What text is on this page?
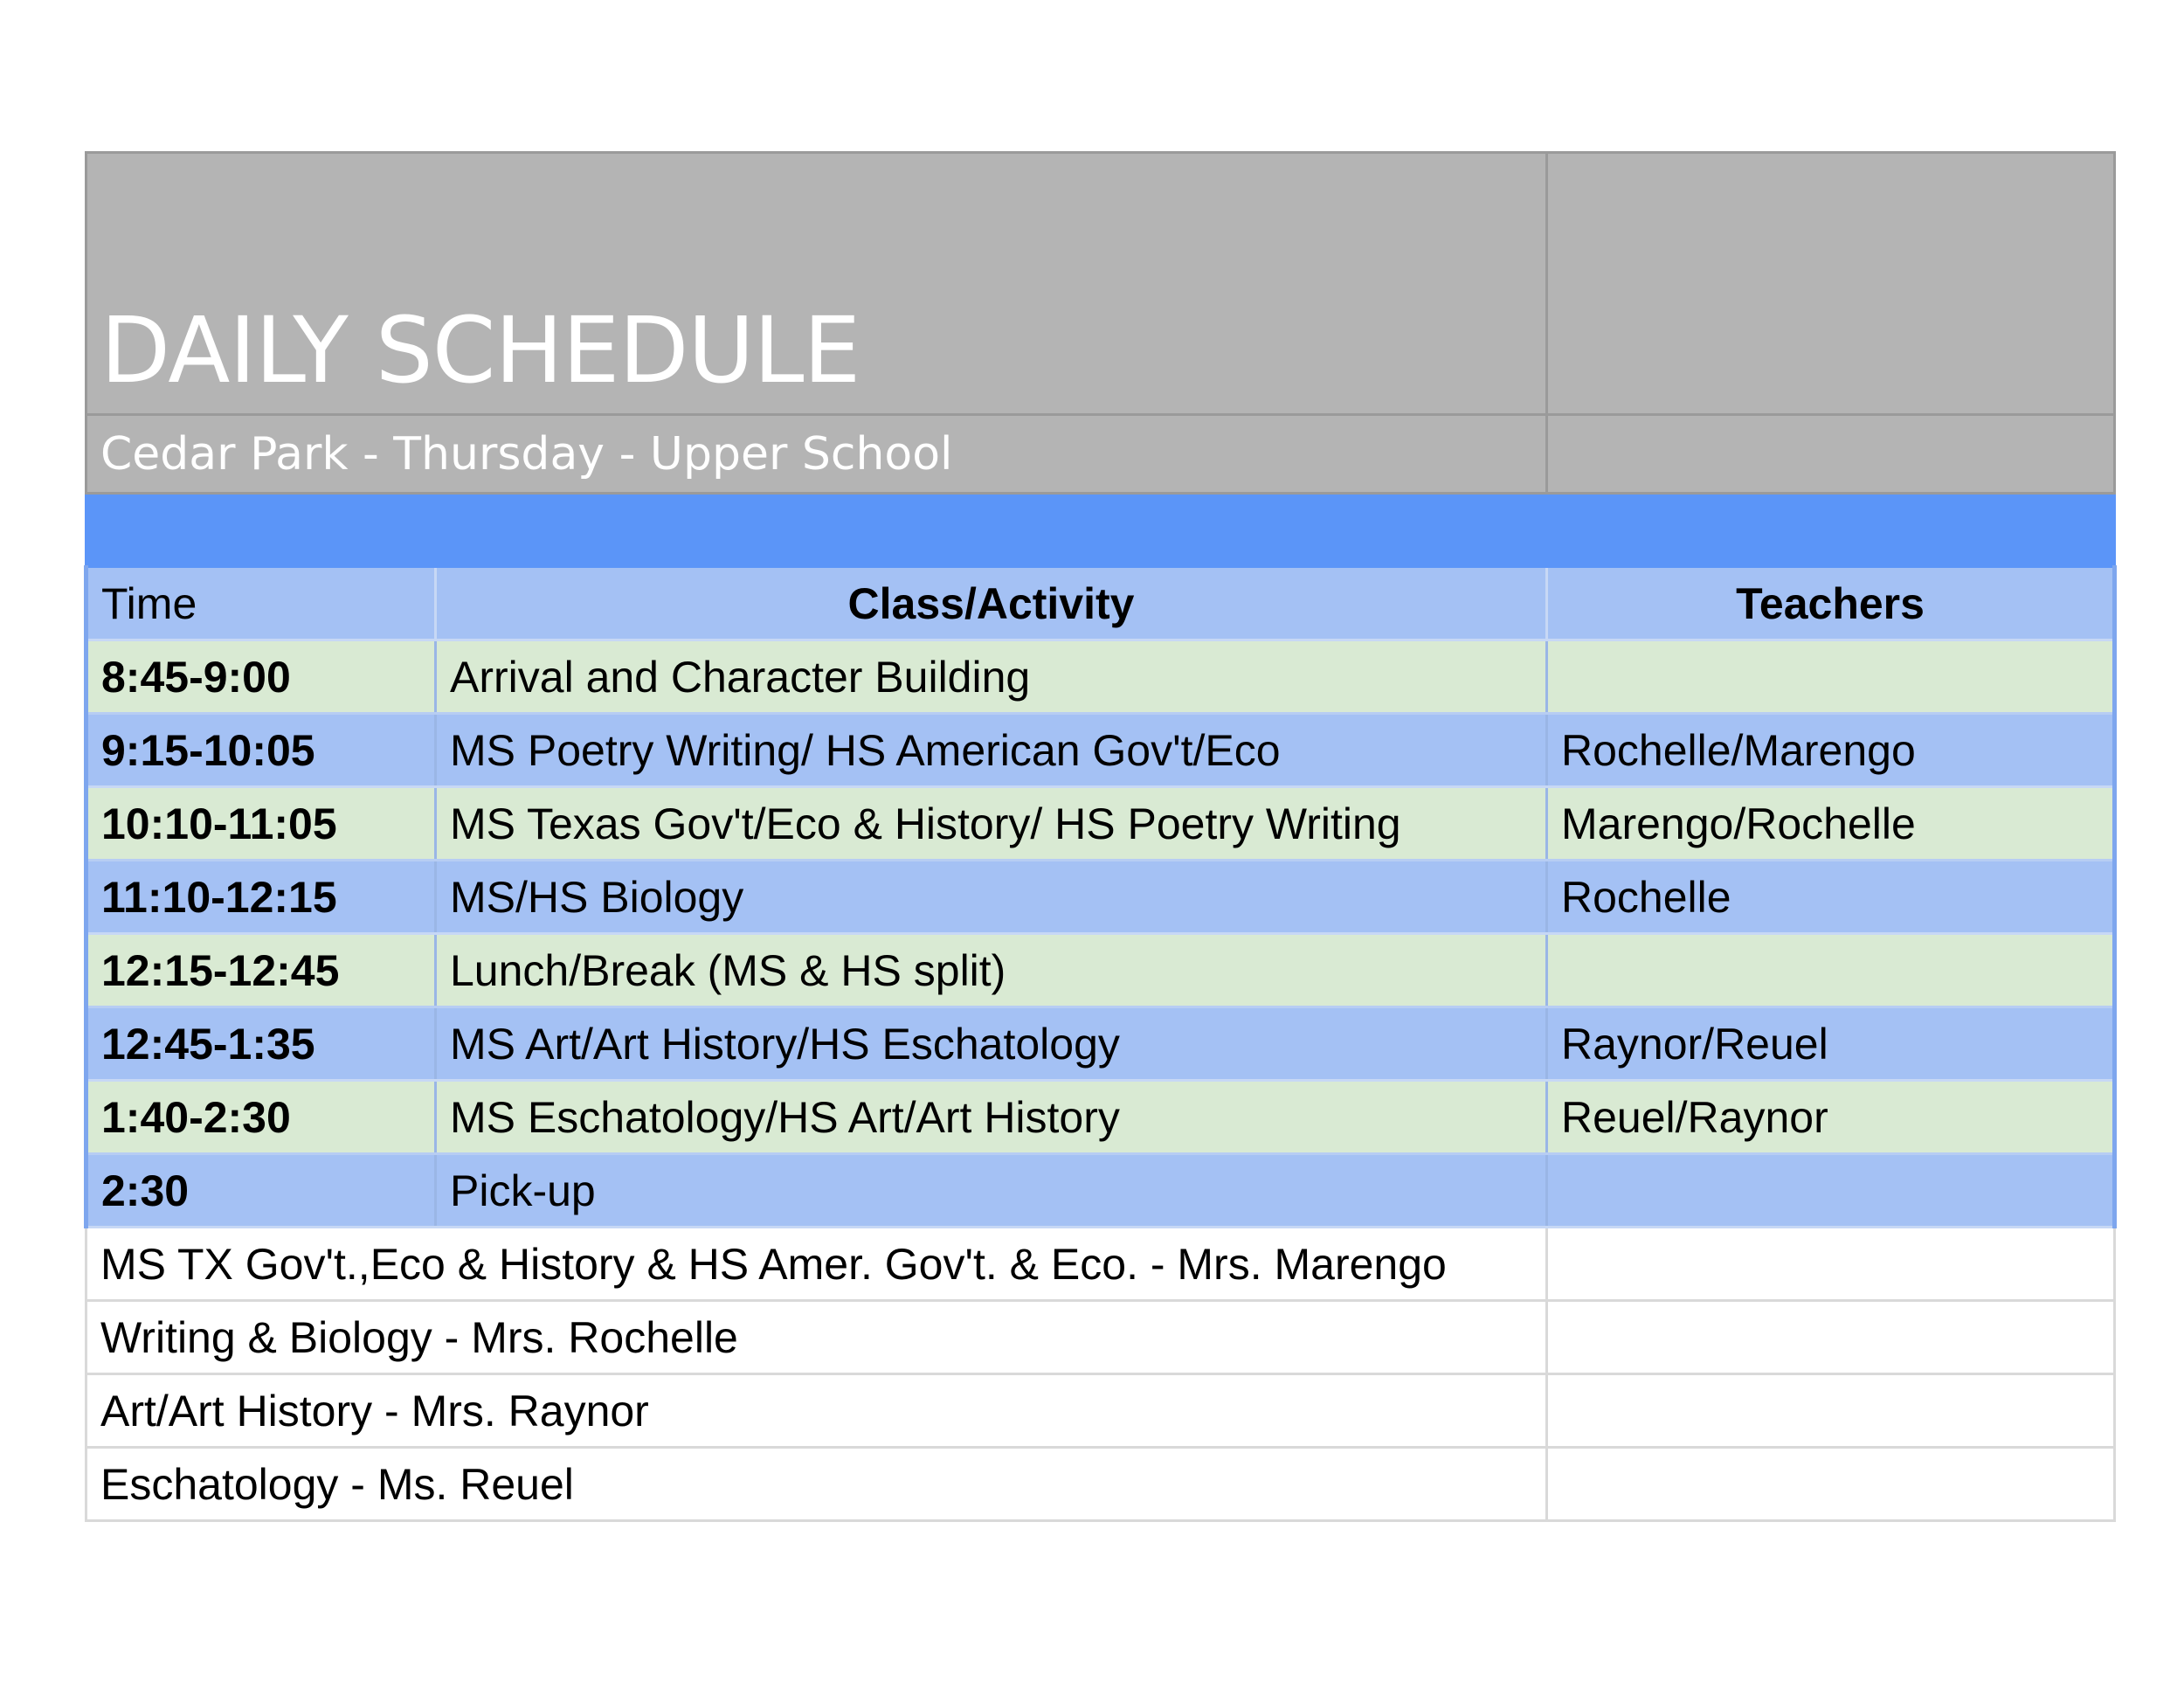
DAILY SCHEDULE		

Cedar Park - Thursday - Upper School		

Time	Class/Activity	Teachers
8:45-9:00	Arrival and Character Building	
9:15-10:05	MS Poetry Writing/ HS American Gov't/Eco	Rochelle/Marengo
10:10-11:05	MS Texas Gov't/Eco & History/ HS Poetry Writing	Marengo/Rochelle
11:10-12:15	MS/HS Biology	Rochelle
12:15-12:45	Lunch/Break (MS & HS split)	
12:45-1:35	MS Art/Art History/HS Eschatology	Raynor/Reuel
1:40-2:30	MS Eschatology/HS Art/Art History	Reuel/Raynor
2:30	Pick-up	
MS TX Gov't.,Eco & History & HS Amer. Gov't. & Eco. - Mrs. Marengo		
Writing & Biology - Mrs. Rochelle		
Art/Art History - Mrs. Raynor		
Eschatology - Ms. Reuel		
